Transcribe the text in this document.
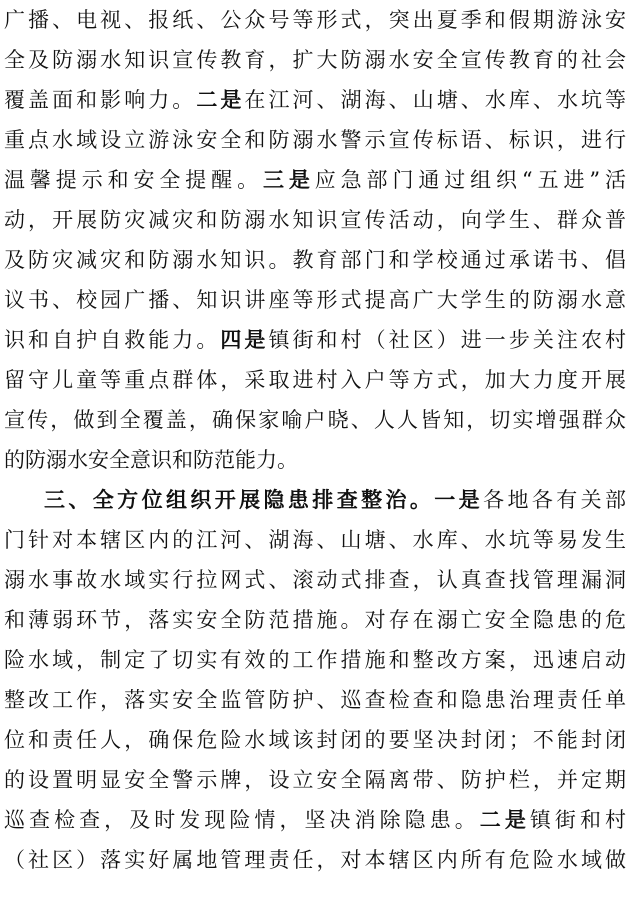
广播、电视、报纸、公众号等形式，突出夏季和假期游泳安
全及防溺水知识宣传教育，扩大防溺水安全宣传教育的社会
覆盖面和影响力。二是在江河、湖海、山塘、水库、水坑等
重点水域设立游泳安全和防溺水警示宣传标语、标识，进行
温馨提示和安全提醒。三是应急部门通过组织“五进”活
动，开展防灾减灾和防溺水知识宣传活动，向学生、群众普
及防灾减灾和防溺水知识。教育部门和学校通过承诺书、倡
议书、校园广播、知识讲座等形式提高广大学生的防溺水意
识和自护自救能力。四是镇街和村（社区）进一步关注农村
留守儿童等重点群体，采取进村入户等方式，加大力度开展
宣传，做到全覆盖，确保家喻户晓、人人皆知，切实增强群众
的防溺水安全意识和防范能力。
三、全方位组织开展隐患排查整治。一是各地各有关部
门针对本辖区内的江河、湖海、山塘、水库、水坑等易发生
溺水事故水域实行拉网式、滚动式排查，认真查找管理漏洞
和薄弱环节，落实安全防范措施。对存在溺亡安全隐患的危
险水域，制定了切实有效的工作措施和整改方案，迅速启动
整改工作，落实安全监管防护、巡查检查和隐患治理责任单
位和责任人，确保危险水域该封闭的要坚决封闭；不能封闭
的设置明显安全警示牌，设立安全隔离带、防护栏，并定期
巡查检查，及时发现险情，坚决消除隐患。二是镇街和村
（社区）落实好属地管理责任，对本辖区内所有危险水域做
